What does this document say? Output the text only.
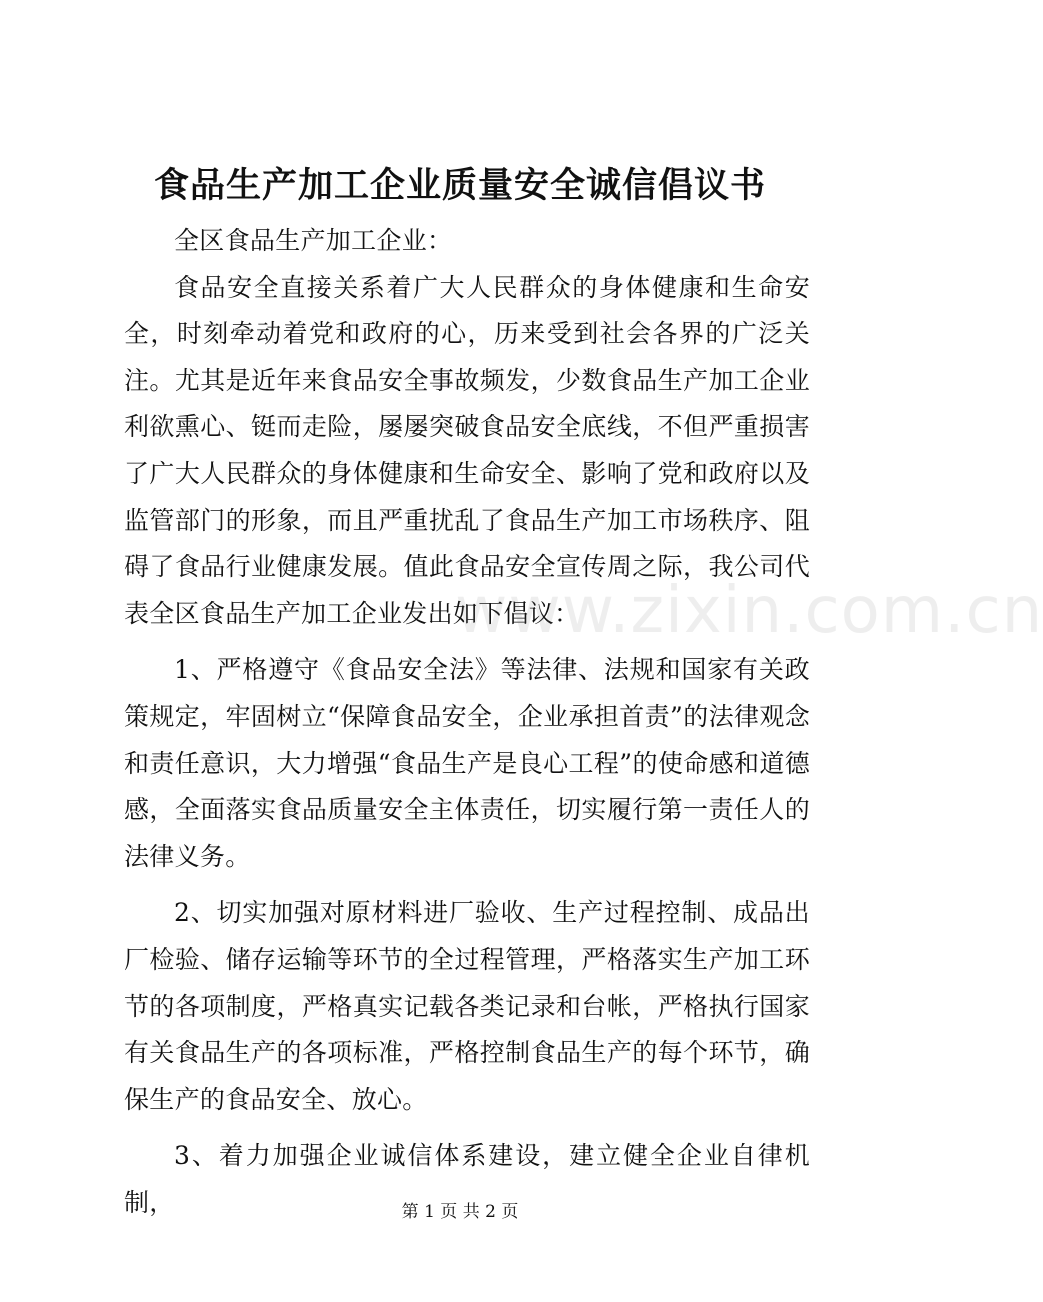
食品生产加工企业质量安全诚信倡议书

全区食品生产加工企业：

食品安全直接关系着广大人民群众的身体健康和生命安全，时刻牵动着党和政府的心，历来受到社会各界的广泛关注。尤其是近年来食品安全事故频发，少数食品生产加工企业利欲熏心、铤而走险，屡屡突破食品安全底线，不但严重损害了广大人民群众的身体健康和生命安全、影响了党和政府以及监管部门的形象，而且严重扰乱了食品生产加工市场秩序、阻碍了食品行业健康发展。值此食品安全宣传周之际，我公司代表全区食品生产加工企业发出如下倡议：

1、严格遵守《食品安全法》等法律、法规和国家有关政策规定，牢固树立“保障食品安全，企业承担首责”的法律观念和责任意识，大力增强“食品生产是良心工程”的使命感和道德感，全面落实食品质量安全主体责任，切实履行第一责任人的法律义务。

2、切实加强对原材料进厂验收、生产过程控制、成品出厂检验、储存运输等环节的全过程管理，严格落实生产加工环节的各项制度，严格真实记载各类记录和台帐，严格执行国家有关食品生产的各项标准，严格控制食品生产的每个环节，确保生产的食品安全、放心。

3、着力加强企业诚信体系建设，建立健全企业自律机制，

www.zixin.com.cn
第 1 页 共 2 页
